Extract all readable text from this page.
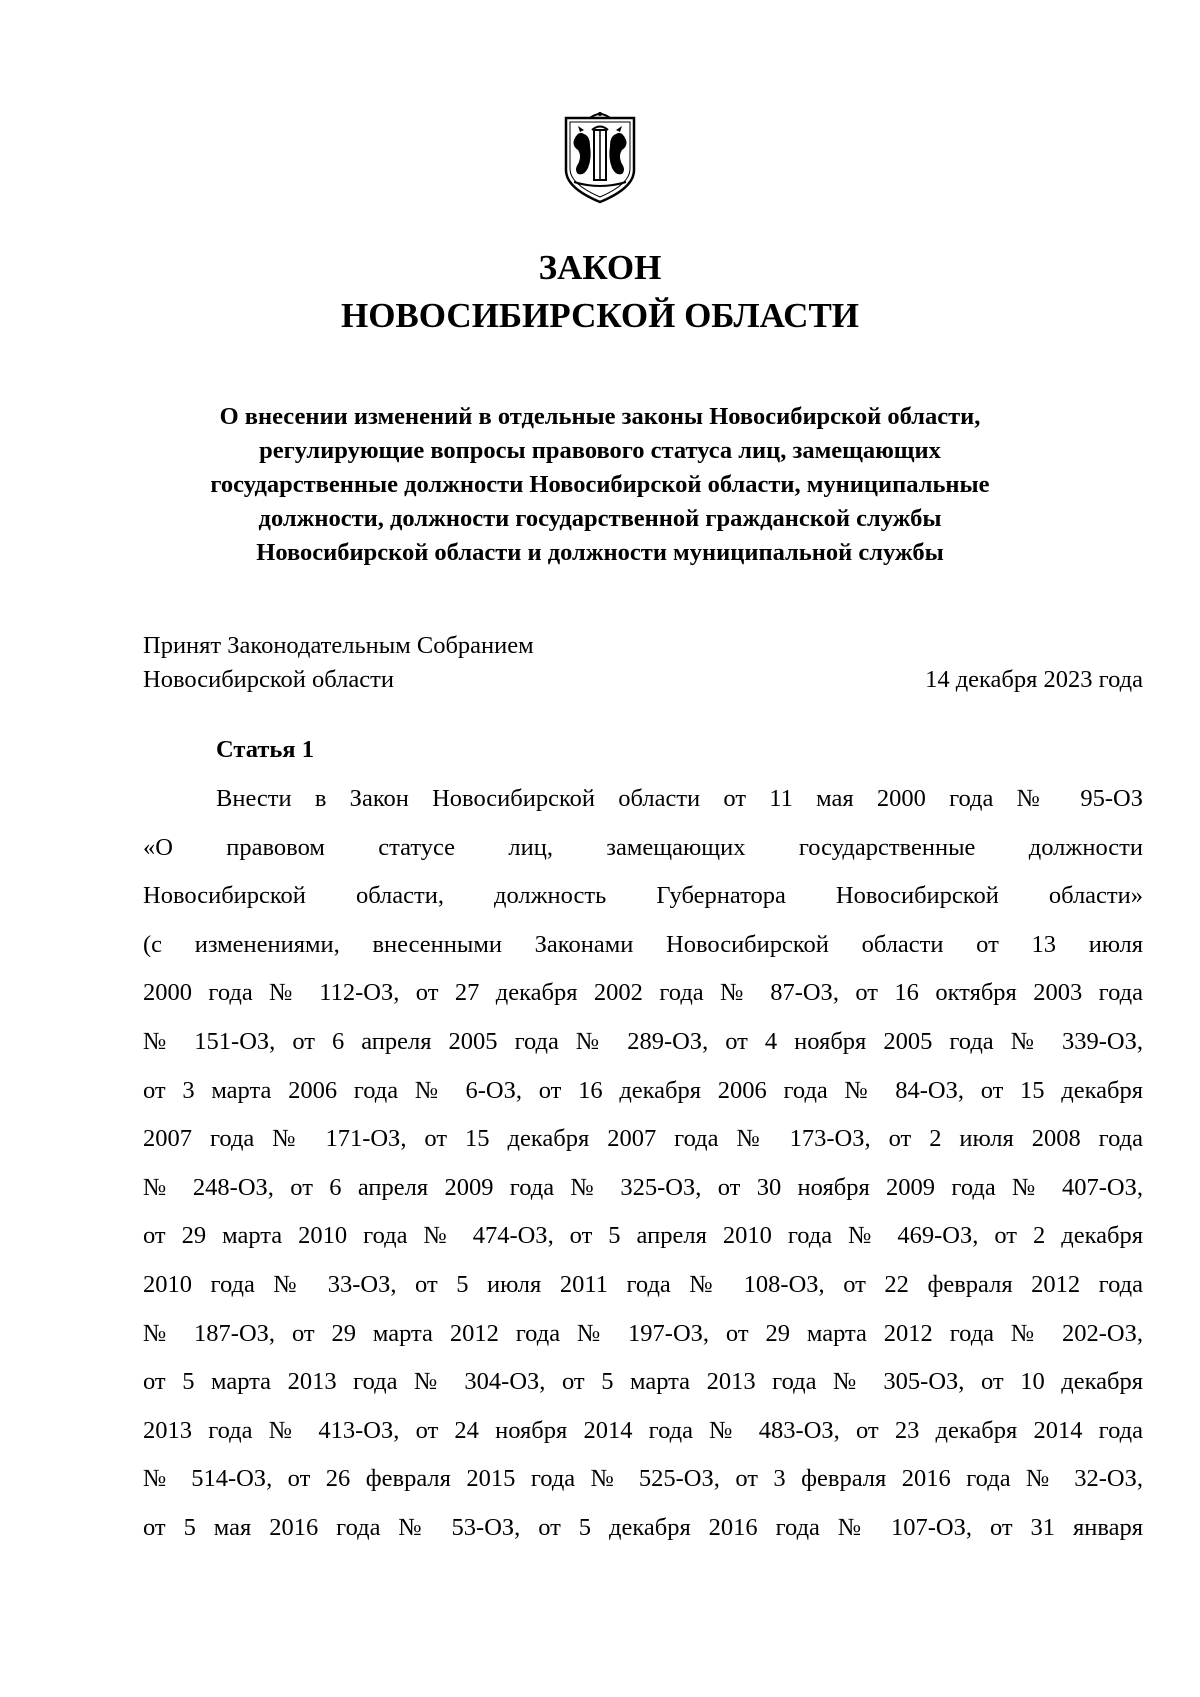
ЗАКОН
НОВОСИБИРСКОЙ ОБЛАСТИ
О внесении изменений в отдельные законы Новосибирской области,
регулирующие вопросы правового статуса лиц, замещающих
государственные должности Новосибирской области, муниципальные
должности, должности государственной гражданской службы
Новосибирской области и должности муниципальной службы
Принят Законодательным Собранием
Новосибирской области	14 декабря 2023 года
Статья 1
Внести в Закон Новосибирской области от 11 мая 2000 года № 95-ОЗ
«О правовом статусе лиц, замещающих государственные должности
Новосибирской области, должность Губернатора Новосибирской области»
(с изменениями, внесенными Законами Новосибирской области от 13 июля
2000 года № 112-ОЗ, от 27 декабря 2002 года № 87-ОЗ, от 16 октября 2003 года
№ 151-ОЗ, от 6 апреля 2005 года № 289-ОЗ, от 4 ноября 2005 года № 339-ОЗ,
от 3 марта 2006 года № 6-ОЗ, от 16 декабря 2006 года № 84-ОЗ, от 15 декабря
2007 года № 171-ОЗ, от 15 декабря 2007 года № 173-ОЗ, от 2 июля 2008 года
№ 248-ОЗ, от 6 апреля 2009 года № 325-ОЗ, от 30 ноября 2009 года № 407-ОЗ,
от 29 марта 2010 года № 474-ОЗ, от 5 апреля 2010 года № 469-ОЗ, от 2 декабря
2010 года № 33-ОЗ, от 5 июля 2011 года № 108-ОЗ, от 22 февраля 2012 года
№ 187-ОЗ, от 29 марта 2012 года № 197-ОЗ, от 29 марта 2012 года № 202-ОЗ,
от 5 марта 2013 года № 304-ОЗ, от 5 марта 2013 года № 305-ОЗ, от 10 декабря
2013 года № 413-ОЗ, от 24 ноября 2014 года № 483-ОЗ, от 23 декабря 2014 года
№ 514-ОЗ, от 26 февраля 2015 года № 525-ОЗ, от 3 февраля 2016 года № 32-ОЗ,
от 5 мая 2016 года № 53-ОЗ, от 5 декабря 2016 года № 107-ОЗ, от 31 января
